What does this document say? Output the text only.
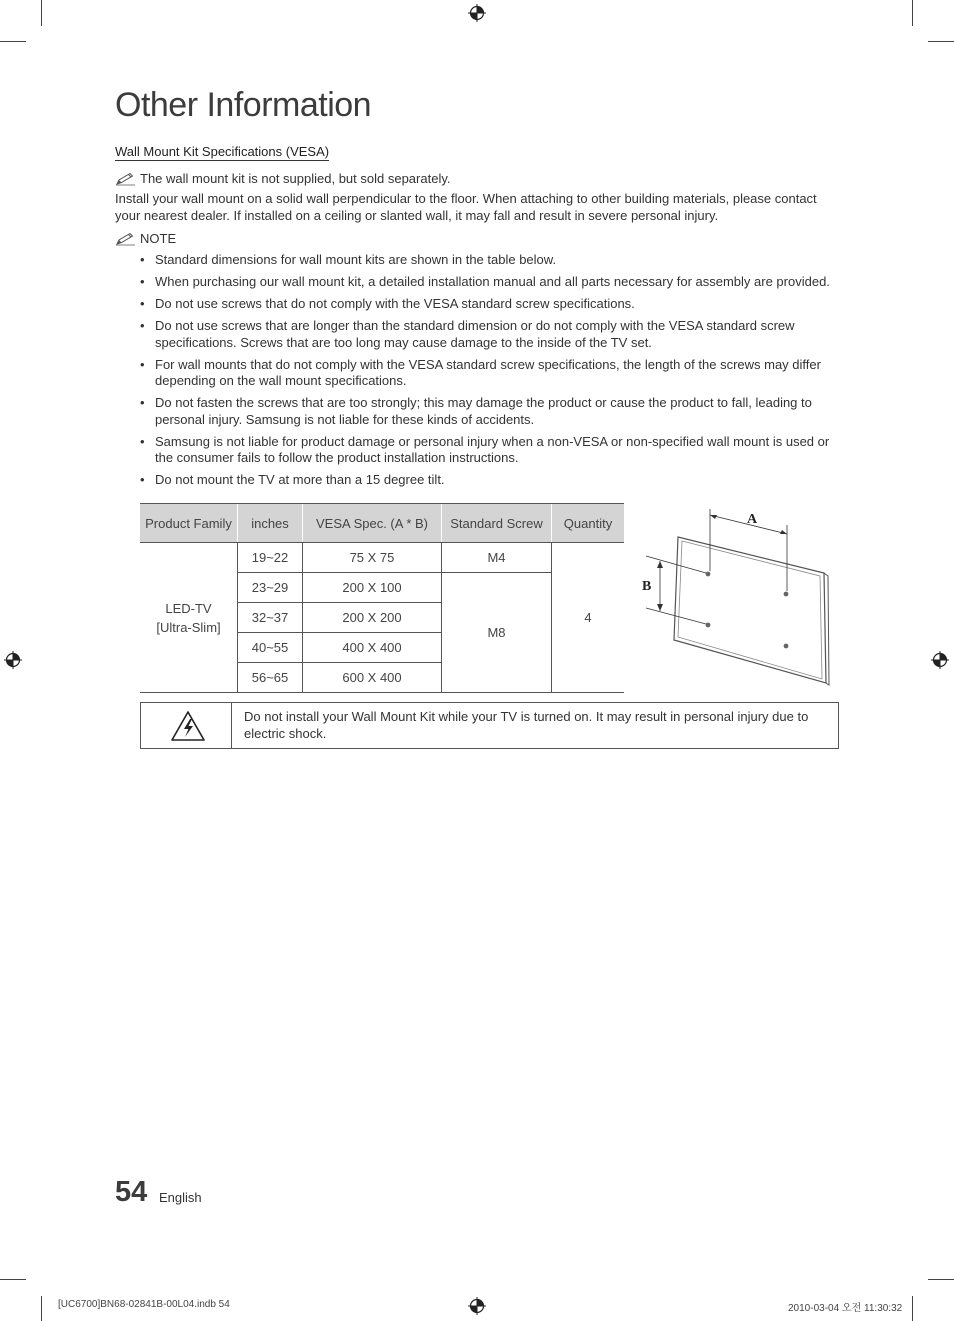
Other Information
Wall Mount Kit Specifications (VESA)
The wall mount kit is not supplied, but sold separately.
Install your wall mount on a solid wall perpendicular to the floor. When attaching to other building materials, please contact
your nearest dealer. If installed on a ceiling or slanted wall, it may fall and result in severe personal injury.
NOTE
• Standard dimensions for wall mount kits are shown in the table below.
• When purchasing our wall mount kit, a detailed installation manual and all parts necessary for assembly are provided.
• Do not use screws that do not comply with the VESA standard screw specifications.
• Do not use screws that are longer than the standard dimension or do not comply with the VESA standard screw specifications. Screws that are too long may cause damage to the inside of the TV set.
• For wall mounts that do not comply with the VESA standard screw specifications, the length of the screws may differ depending on the wall mount specifications.
• Do not fasten the screws that are too strongly; this may damage the product or cause the product to fall, leading to personal injury. Samsung is not liable for these kinds of accidents.
• Samsung is not liable for product damage or personal injury when a non-VESA or non-specified wall mount is used or the consumer fails to follow the product installation instructions.
• Do not mount the TV at more than a 15 degree tilt.
Product Family	inches	VESA Spec. (A * B)	Standard Screw	Quantity

LED-TV
[Ultra-Slim]	19~22	75 X 75	M4	4
	23~29	200 X 100	M8	
	32~37	200 X 200		
	40~55	400 X 400		
	56~65	600 X 400		
A
B
Do not install your Wall Mount Kit while your TV is turned on. It may result in personal injury due to electric shock.
54 English
[UC6700]BN68-02841B-00L04.indb 54	2010-03-04 오전 11:30:32
